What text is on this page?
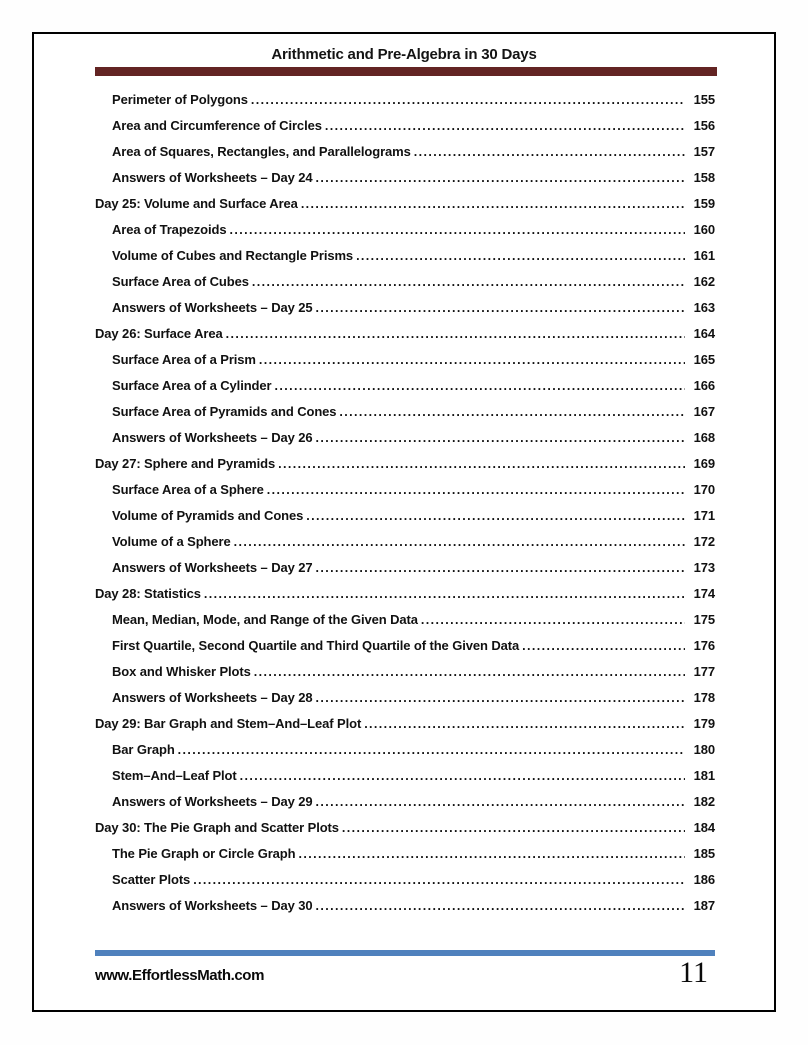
Arithmetic and Pre-Algebra in 30 Days
Perimeter of Polygons .....	155
Area and Circumference of Circles .....	156
Area of Squares, Rectangles, and Parallelograms .....	157
Answers of Worksheets – Day 24 .....	158
Day 25: Volume and Surface Area .....	159
Area of Trapezoids .....	160
Volume of Cubes and Rectangle Prisms .....	161
Surface Area of Cubes .....	162
Answers of Worksheets – Day 25 .....	163
Day 26: Surface Area .....	164
Surface Area of a Prism .....	165
Surface Area of a Cylinder .....	166
Surface Area of Pyramids and Cones .....	167
Answers of Worksheets – Day 26 .....	168
Day 27: Sphere and Pyramids .....	169
Surface Area of a Sphere .....	170
Volume of Pyramids and Cones .....	171
Volume of a Sphere .....	172
Answers of Worksheets – Day 27 .....	173
Day 28: Statistics .....	174
Mean, Median, Mode, and Range of the Given Data .....	175
First Quartile, Second Quartile and Third Quartile of the Given Data .....	176
Box and Whisker Plots .....	177
Answers of Worksheets – Day 28 .....	178
Day 29: Bar Graph and Stem–And–Leaf Plot .....	179
Bar Graph .....	180
Stem–And–Leaf Plot .....	181
Answers of Worksheets – Day 29 .....	182
Day 30: The Pie Graph and Scatter Plots .....	184
The Pie Graph or Circle Graph .....	185
Scatter Plots .....	186
Answers of Worksheets – Day 30 .....	187
www.EffortlessMath.com	11
